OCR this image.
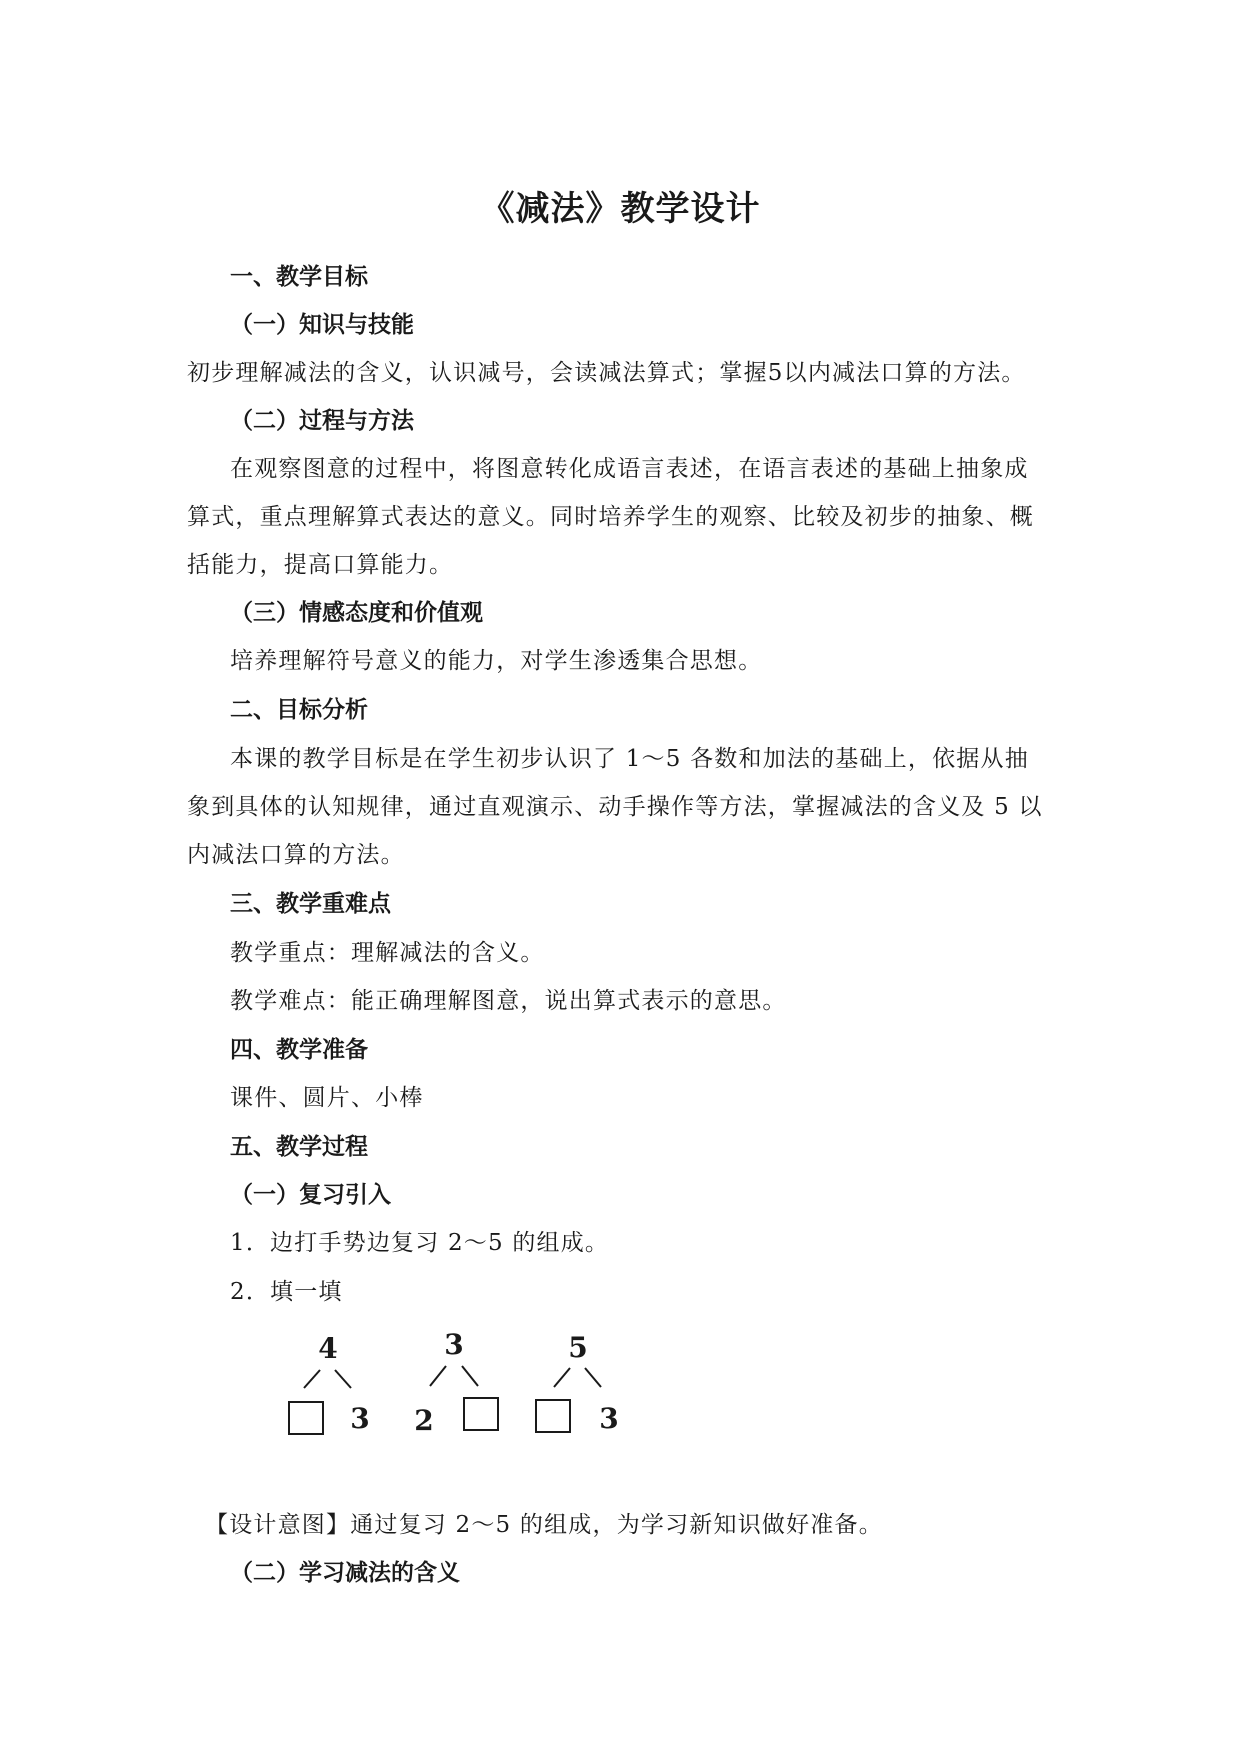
《减法》教学设计
一、教学目标
（一）知识与技能
初步理解减法的含义，认识减号，会读减法算式；掌握5以内减法口算的方法。
（二）过程与方法
在观察图意的过程中，将图意转化成语言表述，在语言表述的基础上抽象成
算式，重点理解算式表达的意义。同时培养学生的观察、比较及初步的抽象、概
括能力，提高口算能力。
（三）情感态度和价值观
培养理解符号意义的能力，对学生渗透集合思想。
二、目标分析
本课的教学目标是在学生初步认识了 1～5 各数和加法的基础上，依据从抽
象到具体的认知规律，通过直观演示、动手操作等方法，掌握减法的含义及 5 以
内减法口算的方法。
三、教学重难点
教学重点：理解减法的含义。
教学难点：能正确理解图意，说出算式表示的意思。
四、教学准备
课件、圆片、小棒
五、教学过程
（一）复习引入
1．边打手势边复习 2～5 的组成。
2．填一填
4
3
3
2
5
3
【设计意图】通过复习 2～5 的组成，为学习新知识做好准备。
（二）学习减法的含义
